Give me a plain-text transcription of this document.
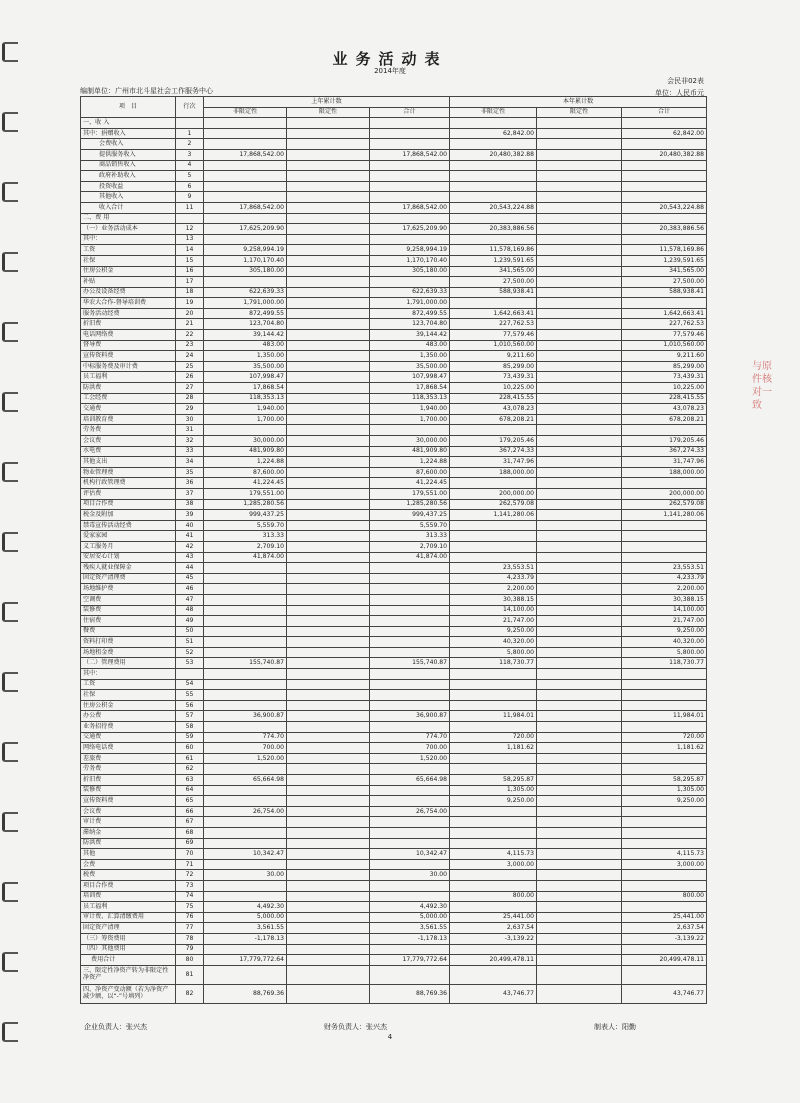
与原件核对一致
业务活动表
2014年度
会民非02表
编制单位：广州市北斗星社会工作服务中心	单位：人民币元
项　目	行次	上年累计数			本年累计数		
		非限定性	限定性	合计	非限定性	限定性	合计
一、收 入							
其中：捐赠收入	1				62,842.00		62,842.00
会费收入	2						
提供服务收入	3	17,868,542.00		17,868,542.00	20,480,382.88		20,480,382.88
商品销售收入	4						
政府补助收入	5						
投资收益	6						
其他收入	9						
收入合计	11	17,868,542.00		17,868,542.00	20,543,224.88		20,543,224.88
二、费 用							
（一）业务活动成本	12	17,625,209.90		17,625,209.90	20,383,886.56		20,383,886.56
其中：	13						
工资	14	9,258,994.19		9,258,994.19	11,578,169.86		11,578,169.86
社保	15	1,170,170.40		1,170,170.40	1,239,591.65		1,239,591.65
住房公积金	16	305,180.00		305,180.00	341,565.00		341,565.00
补贴	17				27,500.00		27,500.00
办公及设备经费	18	622,639.33		622,639.33	588,938.41		588,938.41
华农大合作-督导培训费	19	1,791,000.00		1,791,000.00			
服务活动经费	20	872,499.55		872,499.55	1,642,663.41		1,642,663.41
折旧费	21	123,704.80		123,704.80	227,762.53		227,762.53
电话网络费	22	39,144.42		39,144.42	77,579.46		77,579.46
督导费	23	483.00		483.00	1,010,560.00		1,010,560.00
宣传资料费	24	1,350.00		1,350.00	9,211.60		9,211.60
中标服务费及审计费	25	35,500.00		35,500.00	85,299.00		85,299.00
员工福利	26	107,998.47		107,998.47	73,439.31		73,439.31
防洪费	27	17,868.54		17,868.54	10,225.00		10,225.00
工会经费	28	118,353.13		118,353.13	228,415.55		228,415.55
交通费	29	1,940.00		1,940.00	43,078.23		43,078.23
培训教育费	30	1,700.00		1,700.00	678,208.21		678,208.21
劳务费	31						
会议费	32	30,000.00		30,000.00	179,205.46		179,205.46
水电费	33	481,909.80		481,909.80	367,274.33		367,274.33
其他支出	34	1,224.88		1,224.88	31,747.96		31,747.96
物业管理费	35	87,600.00		87,600.00	188,000.00		188,000.00
机构行政管理费	36	41,224.45		41,224.45			
评估费	37	179,551.00		179,551.00	200,000.00		200,000.00
项目合作费	38	1,285,280.56		1,285,280.56	262,579.08		262,579.08
税金及附加	39	999,437.25		999,437.25	1,141,280.06		1,141,280.06
禁毒宣传活动经费	40	5,559.70		5,559.70			
爱家家园	41	313.33		313.33			
义工服务月	42	2,709.10		2,709.10			
安居安心计划	43	41,874.00		41,874.00			
残疾人就业保障金	44				23,553.51		23,553.51
固定资产清理费	45				4,233.79		4,233.79
场地维护费	46				2,200.00		2,200.00
空调费	47				30,388.15		30,388.15
装修费	48				14,100.00		14,100.00
住宿费	49				21,747.00		21,747.00
餐费	50				9,250.00		9,250.00
资料打印费	51				40,320.00		40,320.00
场地租金费	52				5,800.00		5,800.00
（二）管理费用	53	155,740.87		155,740.87	118,730.77		118,730.77
其中：							
工资	54						
社保	55						
住房公积金	56						
办公费	57	36,900.87		36,900.87	11,984.01		11,984.01
业务招待费	58						
交通费	59	774.70		774.70	720.00		720.00
网络电话费	60	700.00		700.00	1,181.62		1,181.62
差旅费	61	1,520.00		1,520.00			
劳务费	62						
折旧费	63	65,664.98		65,664.98	58,295.87		58,295.87
装修费	64				1,305.00		1,305.00
宣传资料费	65				9,250.00		9,250.00
会议费	66	26,754.00		26,754.00			
审计费	67						
滞纳金	68						
防洪费	69						
其他	70	10,342.47		10,342.47	4,115.73		4,115.73
会费	71				3,000.00		3,000.00
税费	72	30.00		30.00			
项目合作费	73						
培训费	74				800.00		800.00
员工福利	75	4,492.30		4,492.30			
审计费、汇算清缴费用	76	5,000.00		5,000.00	25,441.00		25,441.00
固定资产清理	77	3,561.55		3,561.55	2,637.54		2,637.54
（三）筹资费用	78	-1,178.13		-1,178.13	-3,139.22		-3,139.22
（四）其他费用	79						
费用合计	80	17,779,772.64		17,779,772.64	20,499,478.11		20,499,478.11
三、限定性净资产转为非限定性净资产	81						
四、净资产变动额（若为净资产减少额，以“-”号填列）	82	88,769.36		88,769.36	43,746.77		43,746.77
企业负责人：张兴杰	财务负责人：张兴杰	制表人：阳勤
4
